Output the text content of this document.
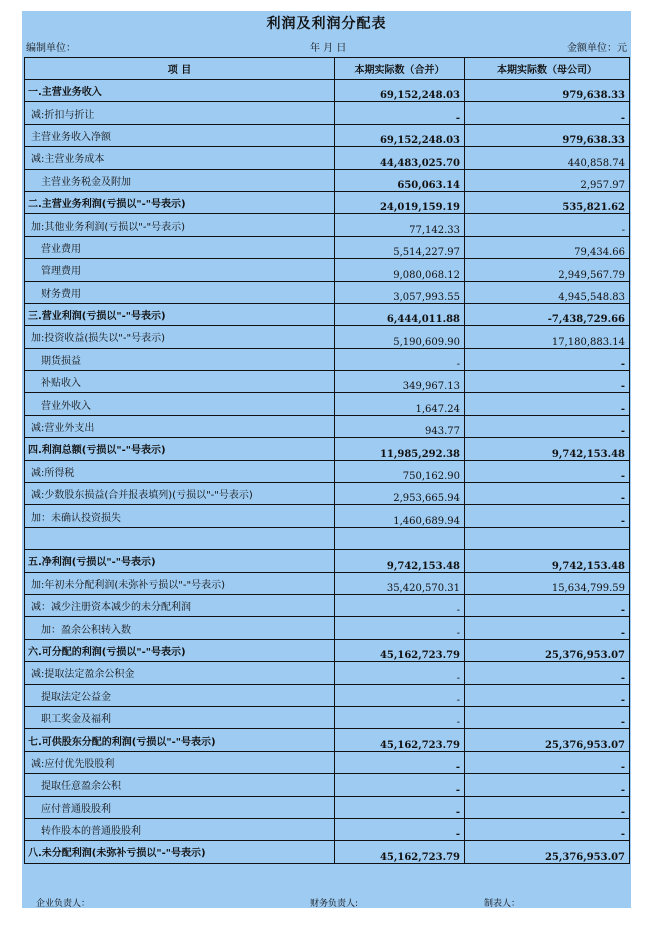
利润及利润分配表
编制单位：	年 月 日	金额单位：元
项 目	本期实际数（合并）	本期实际数（母公司）
一.主营业务收入	69,152,248.03	979,638.33
减:折扣与折让	-	-
主营业务收入净额	69,152,248.03	979,638.33
减:主营业务成本	44,483,025.70	440,858.74
主营业务税金及附加	650,063.14	2,957.97
二.主营业务利润(亏损以"-"号表示)	24,019,159.19	535,821.62
加:其他业务利润(亏损以"-"号表示)	77,142.33	-
营业费用	5,514,227.97	79,434.66
管理费用	9,080,068.12	2,949,567.79
财务费用	3,057,993.55	4,945,548.83
三.营业利润(亏损以"-"号表示)	6,444,011.88	-7,438,729.66
加:投资收益(损失以"-"号表示)	5,190,609.90	17,180,883.14
期货损益	-	-
补贴收入	349,967.13	-
营业外收入	1,647.24	-
减:营业外支出	943.77	-
四.利润总额(亏损以"-"号表示)	11,985,292.38	9,742,153.48
减:所得税	750,162.90	-
减:少数股东损益(合并报表填列)(亏损以"-"号表示)	2,953,665.94	-
加：未确认投资损失	1,460,689.94	-

五.净利润(亏损以"-"号表示)	9,742,153.48	9,742,153.48
加:年初未分配利润(未弥补亏损以"-"号表示)	35,420,570.31	15,634,799.59
减：减少注册资本减少的未分配利润	-	-
加：盈余公积转入数	-	-
六.可分配的利润(亏损以"-"号表示)	45,162,723.79	25,376,953.07
减:提取法定盈余公积金	-	-
提取法定公益金	-	-
职工奖金及福利	-	-
七.可供股东分配的利润(亏损以"-"号表示)	45,162,723.79	25,376,953.07
减:应付优先股股利	-	-
提取任意盈余公积	-	-
应付普通股股利	-	-
转作股本的普通股股利	-	-
八.未分配利润(未弥补亏损以"-"号表示)	45,162,723.79	25,376,953.07
企业负责人：	财务负责人:	制表人：
